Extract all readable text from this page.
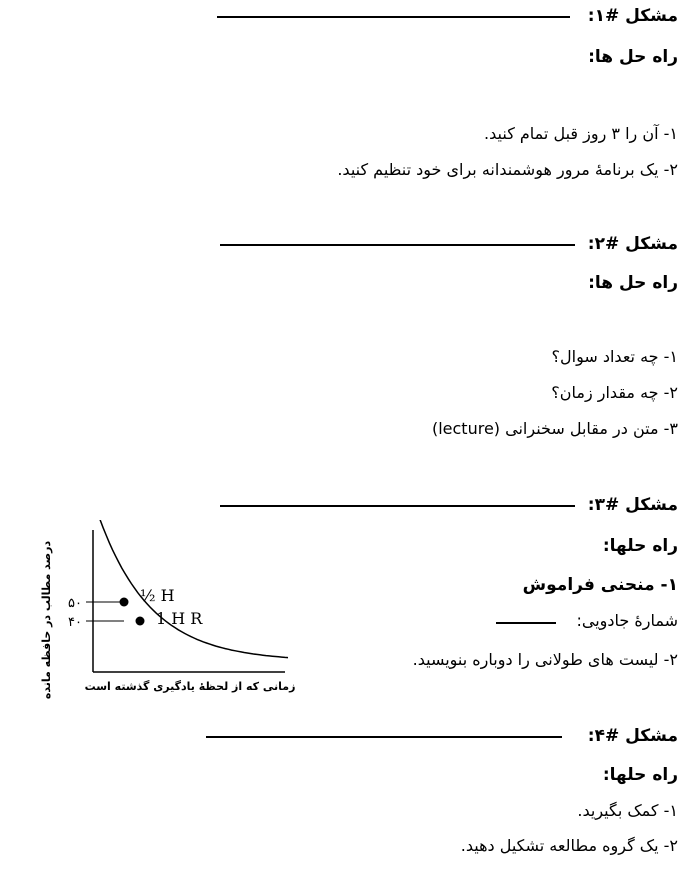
مشکل #۱:
راه حل ها:
۱- آن را ۳ روز قبل تمام کنید.
۲- یک برنامۀ مرور هوشمندانه برای خود تنظیم کنید.
مشکل #۲:
راه حل ها:
۱- چه تعداد سوال؟
۲- چه مقدار زمان؟
۳- متن در مقابل سخنرانی (lecture)
مشکل #۳:
راه حلها:
۱- منحنی فراموش
شمارۀ جادویی:
۲- لیست های طولانی را دوباره بنویسید.
درصد مطالب در حافظه مانده ۵۰
۴۰
½ H
1 H R
زمانی که از لحظۀ یادگیری گذشته است
مشکل #۴:
راه حلها:
۱- کمک بگیرید.
۲- یک گروه مطالعه تشکیل دهید.
